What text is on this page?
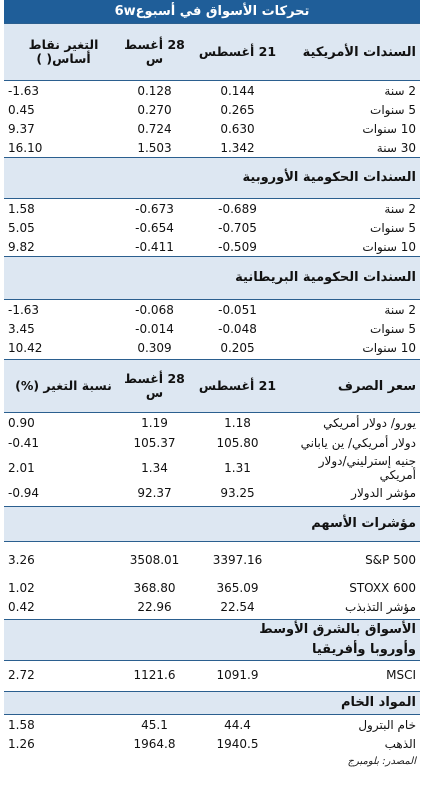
تحركات الأسواق في أسبوع6w
السندات الأمريكية
21 أغسطس
28 أغسط س
التغير نقاط أساس( )
2 سنة
0.144
0.128
-1.63
5 سنوات
0.265
0.270
0.45
10 سنوات
0.630
0.724
9.37
30 سنة
1.342
1.503
16.10
السندات الحكومية الأوروبية
2 سنة
-0.689
-0.673
1.58
5 سنوات
-0.705
-0.654
5.05
10 سنوات
-0.509
-0.411
9.82
السندات الحكومية البريطانية
2 سنة
-0.051
-0.068
-1.63
5 سنوات
-0.048
-0.014
3.45
10 سنوات
0.205
0.309
10.42
سعر الصرف
21 أغسطس
28 أغسط س
نسبة التغير (%)
يورو/ دولار أمريكي
1.18
1.19
0.90
دولار أمريكي/ ين ياباني
105.80
105.37
-0.41
جنيه إسترليني/دولار أمريكي
1.31
1.34
2.01
مؤشر الدولار
93.25
92.37
-0.94
مؤشرات الأسهم
S&P 500
3397.16
3508.01
3.26
STOXX 600
365.09
368.80
1.02
مؤشر التذبذب
22.54
22.96
0.42
الأسواق بالشرق الأوسط وأوروبا وأفريقيا
MSCI
1091.9
1121.6
2.72
المواد الخام
خام البترول
44.4
45.1
1.58
الذهب
1940.5
1964.8
1.26
المصدر: بلومبرج
